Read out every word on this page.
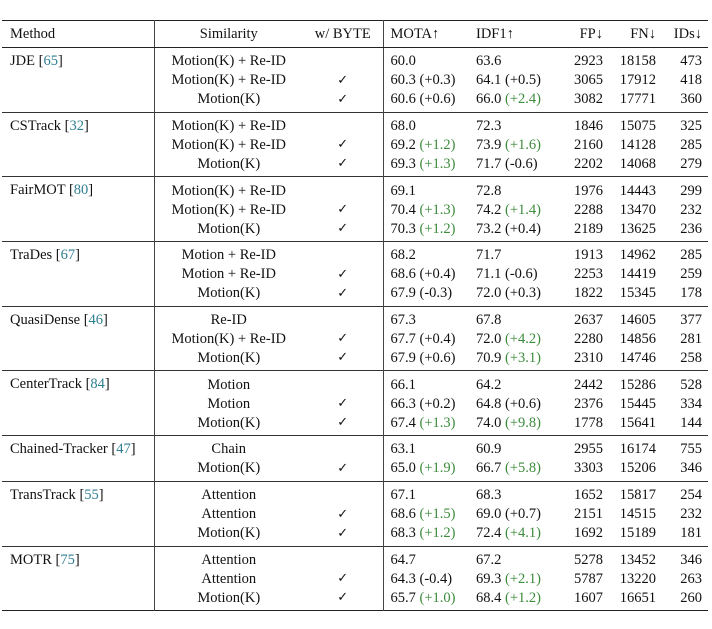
Method	Similarity	w/ BYTE	MOTA↑	IDF1↑	FP↓	FN↓	IDs↓
JDE [65]	Motion(K) + Re-ID		60.0	63.6	2923	18158	473
	Motion(K) + Re-ID	✓	60.3 (+0.3)	64.1 (+0.5)	3065	17912	418
	Motion(K)	✓	60.6 (+0.6)	66.0 (+2.4)	3082	17771	360
CSTrack [32]	Motion(K) + Re-ID		68.0	72.3	1846	15075	325
	Motion(K) + Re-ID	✓	69.2 (+1.2)	73.9 (+1.6)	2160	14128	285
	Motion(K)	✓	69.3 (+1.3)	71.7 (-0.6)	2202	14068	279
FairMOT [80]	Motion(K) + Re-ID		69.1	72.8	1976	14443	299
	Motion(K) + Re-ID	✓	70.4 (+1.3)	74.2 (+1.4)	2288	13470	232
	Motion(K)	✓	70.3 (+1.2)	73.2 (+0.4)	2189	13625	236
TraDes [67]	Motion + Re-ID		68.2	71.7	1913	14962	285
	Motion + Re-ID	✓	68.6 (+0.4)	71.1 (-0.6)	2253	14419	259
	Motion(K)	✓	67.9 (-0.3)	72.0 (+0.3)	1822	15345	178
QuasiDense [46]	Re-ID		67.3	67.8	2637	14605	377
	Motion(K) + Re-ID	✓	67.7 (+0.4)	72.0 (+4.2)	2280	14856	281
	Motion(K)	✓	67.9 (+0.6)	70.9 (+3.1)	2310	14746	258
CenterTrack [84]	Motion		66.1	64.2	2442	15286	528
	Motion	✓	66.3 (+0.2)	64.8 (+0.6)	2376	15445	334
	Motion(K)	✓	67.4 (+1.3)	74.0 (+9.8)	1778	15641	144
Chained-Tracker [47]	Chain		63.1	60.9	2955	16174	755
	Motion(K)	✓	65.0 (+1.9)	66.7 (+5.8)	3303	15206	346
TransTrack [55]	Attention		67.1	68.3	1652	15817	254
	Attention	✓	68.6 (+1.5)	69.0 (+0.7)	2151	14515	232
	Motion(K)	✓	68.3 (+1.2)	72.4 (+4.1)	1692	15189	181
MOTR [75]	Attention		64.7	67.2	5278	13452	346
	Attention	✓	64.3 (-0.4)	69.3 (+2.1)	5787	13220	263
	Motion(K)	✓	65.7 (+1.0)	68.4 (+1.2)	1607	16651	260
